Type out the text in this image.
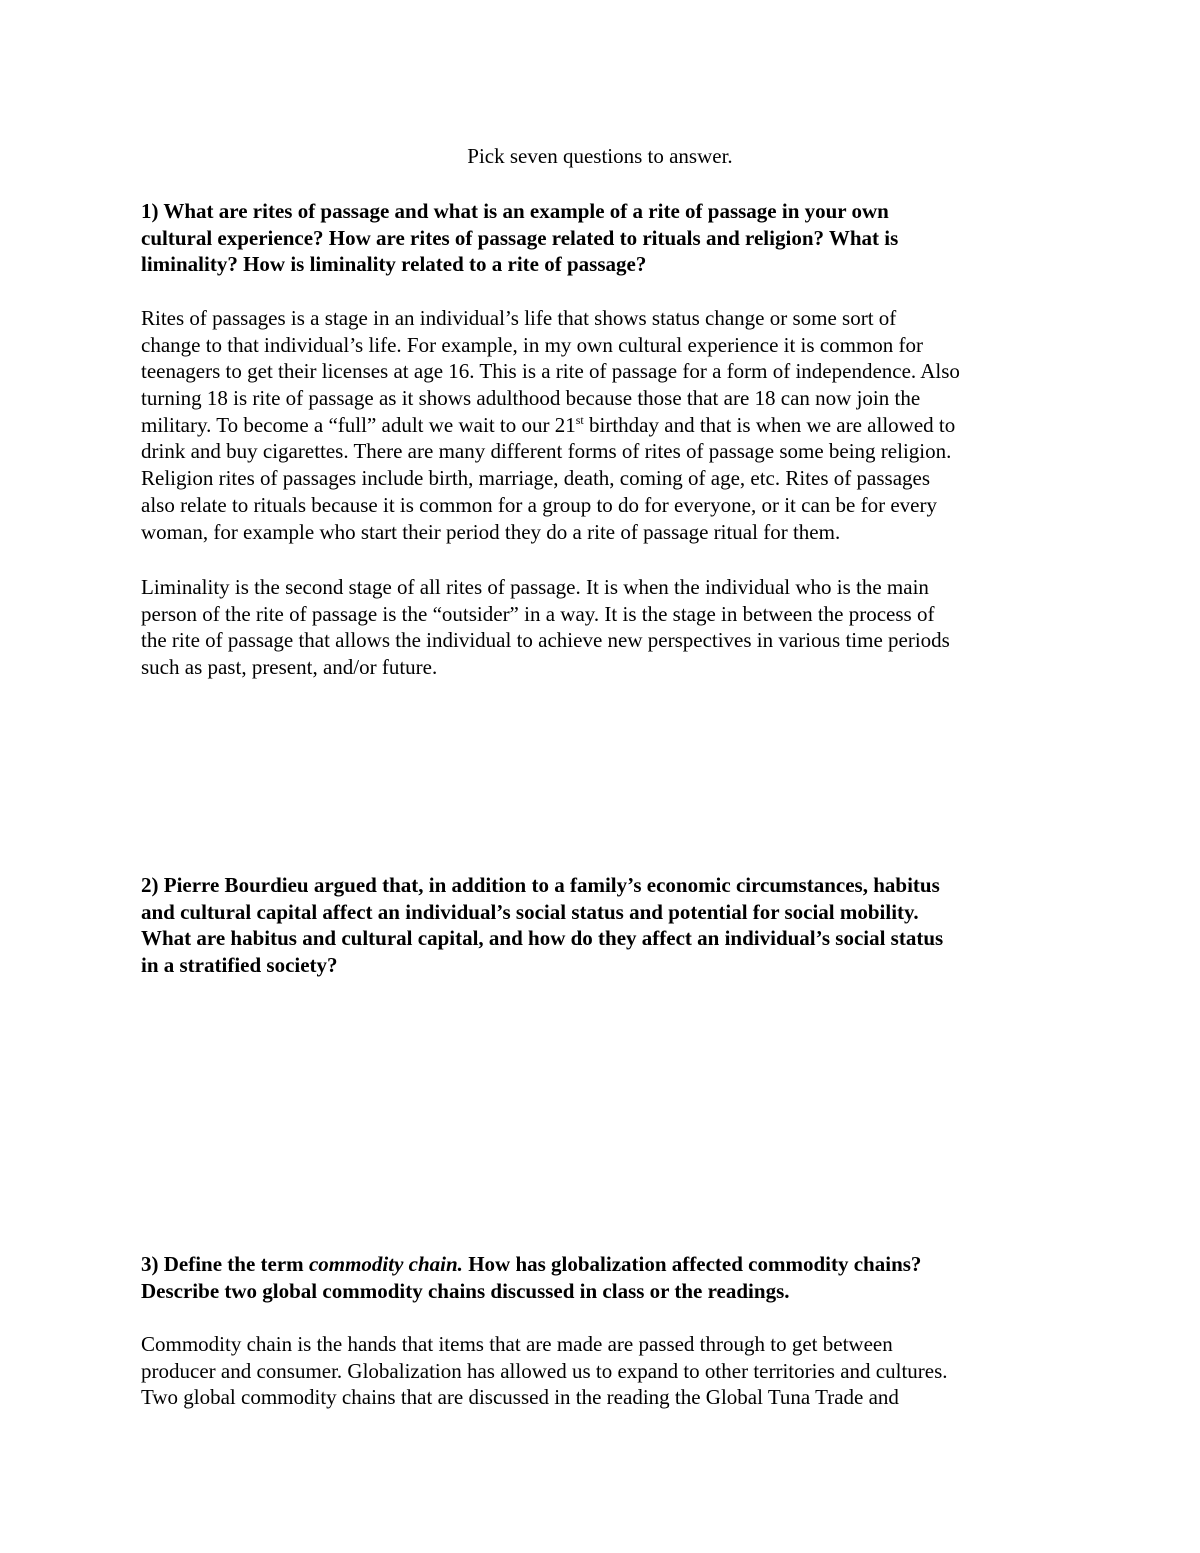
Pick seven questions to answer.
1) What are rites of passage and what is an example of a rite of passage in your own
cultural experience? How are rites of passage related to rituals and religion? What is
liminality? How is liminality related to a rite of passage?
Rites of passages is a stage in an individual’s life that shows status change or some sort of
change to that individual’s life. For example, in my own cultural experience it is common for
teenagers to get their licenses at age 16. This is a rite of passage for a form of independence. Also
turning 18 is rite of passage as it shows adulthood because those that are 18 can now join the
military. To become a “full” adult we wait to our 21st birthday and that is when we are allowed to
drink and buy cigarettes. There are many different forms of rites of passage some being religion.
Religion rites of passages include birth, marriage, death, coming of age, etc. Rites of passages
also relate to rituals because it is common for a group to do for everyone, or it can be for every
woman, for example who start their period they do a rite of passage ritual for them.
Liminality is the second stage of all rites of passage. It is when the individual who is the main
person of the rite of passage is the “outsider” in a way. It is the stage in between the process of
the rite of passage that allows the individual to achieve new perspectives in various time periods
such as past, present, and/or future.
2) Pierre Bourdieu argued that, in addition to a family’s economic circumstances, habitus
and cultural capital affect an individual’s social status and potential for social mobility.
What are habitus and cultural capital, and how do they affect an individual’s social status
in a stratified society?
3) Define the term commodity chain. How has globalization affected commodity chains?
Describe two global commodity chains discussed in class or the readings.
Commodity chain is the hands that items that are made are passed through to get between
producer and consumer. Globalization has allowed us to expand to other territories and cultures.
Two global commodity chains that are discussed in the reading the Global Tuna Trade and
